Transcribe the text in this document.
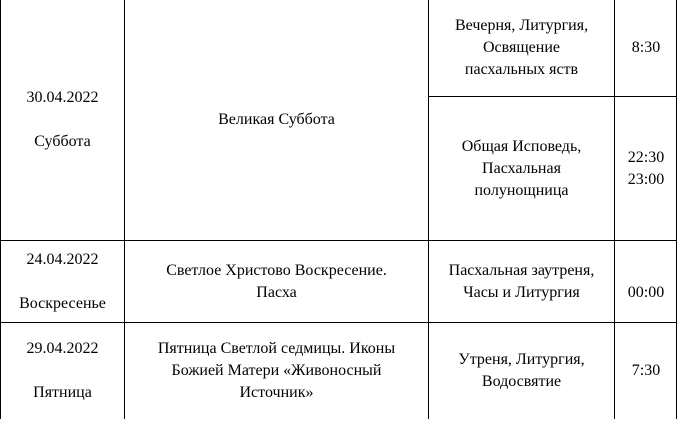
30.04.2022

Суббота

Великая Суббота
Вечерня, Литургия,
Освящение
пасхальных яств
8:30
Общая Исповедь,
Пасхальная
полунощница
22:30
23:00

24.04.2022

Воскресенье

Светлое Христово Воскресение.
Пасха
Пасхальная заутреня,
Часы и Литургия	00:00

29.04.2022

Пятница

Пятница Светлой седмицы. Иконы
Божией Матери «Живоносный
Источник»
Утреня, Литургия,
Водосвятие
7:30
